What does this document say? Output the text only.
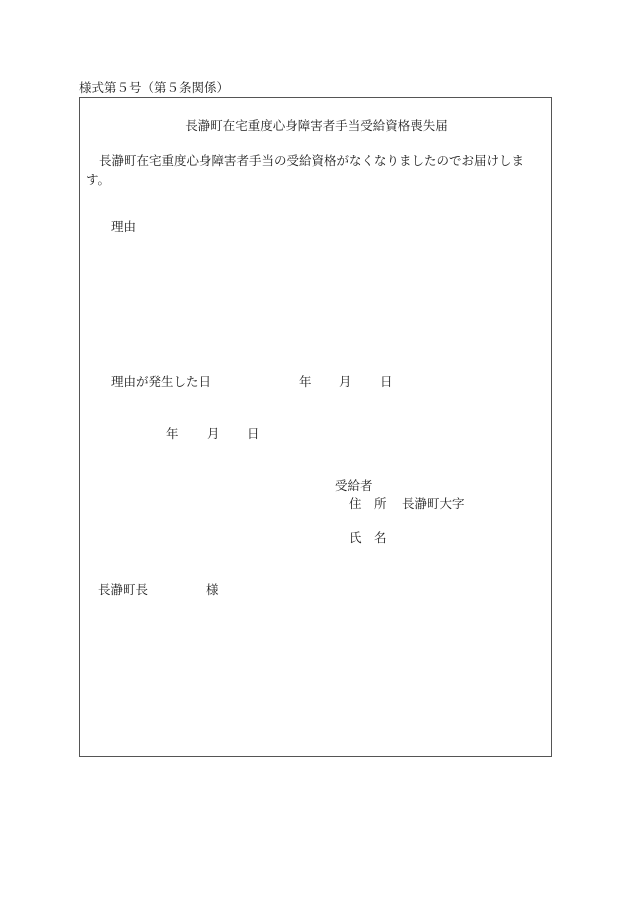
様式第５号（第５条関係）
長瀞町在宅重度心身障害者手当受給資格喪失届
長瀞町在宅重度心身障害者手当の受給資格がなくなりましたのでお届けします。
理由
理由が発生した日	年 月 日
年 月 日
受給者
住　所 長瀞町大字
氏　名
長瀞町長	様
